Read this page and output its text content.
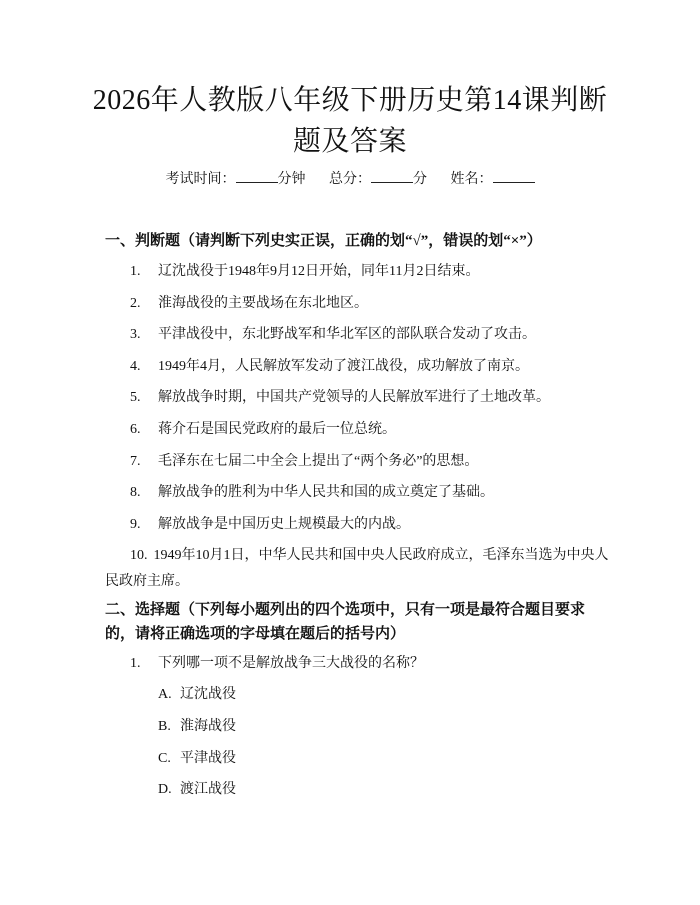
2026年人教版八年级下册历史第14课判断
题及答案
考试时间：	分钟 总分：	分 姓名：
一、判断题（请判断下列史实正误，正确的划“√”，错误的划“×”）
1. 辽沈战役于1948年9月12日开始，同年11月2日结束。
2. 淮海战役的主要战场在东北地区。
3. 平津战役中，东北野战军和华北军区的部队联合发动了攻击。
4. 1949年4月，人民解放军发动了渡江战役，成功解放了南京。
5. 解放战争时期，中国共产党领导的人民解放军进行了土地改革。
6. 蒋介石是国民党政府的最后一位总统。
7. 毛泽东在七届二中全会上提出了“两个务必”的思想。
8. 解放战争的胜利为中华人民共和国的成立奠定了基础。
9. 解放战争是中国历史上规模最大的内战。
10. 1949年10月1日，中华人民共和国中央人民政府成立，毛泽东当选为中央人民政府主席。
二、选择题（下列每小题列出的四个选项中，只有一项是最符合题目要求的，请将正确选项的字母填在题后的括号内）
1. 下列哪一项不是解放战争三大战役的名称？
A. 辽沈战役
B. 淮海战役
C. 平津战役
D. 渡江战役
